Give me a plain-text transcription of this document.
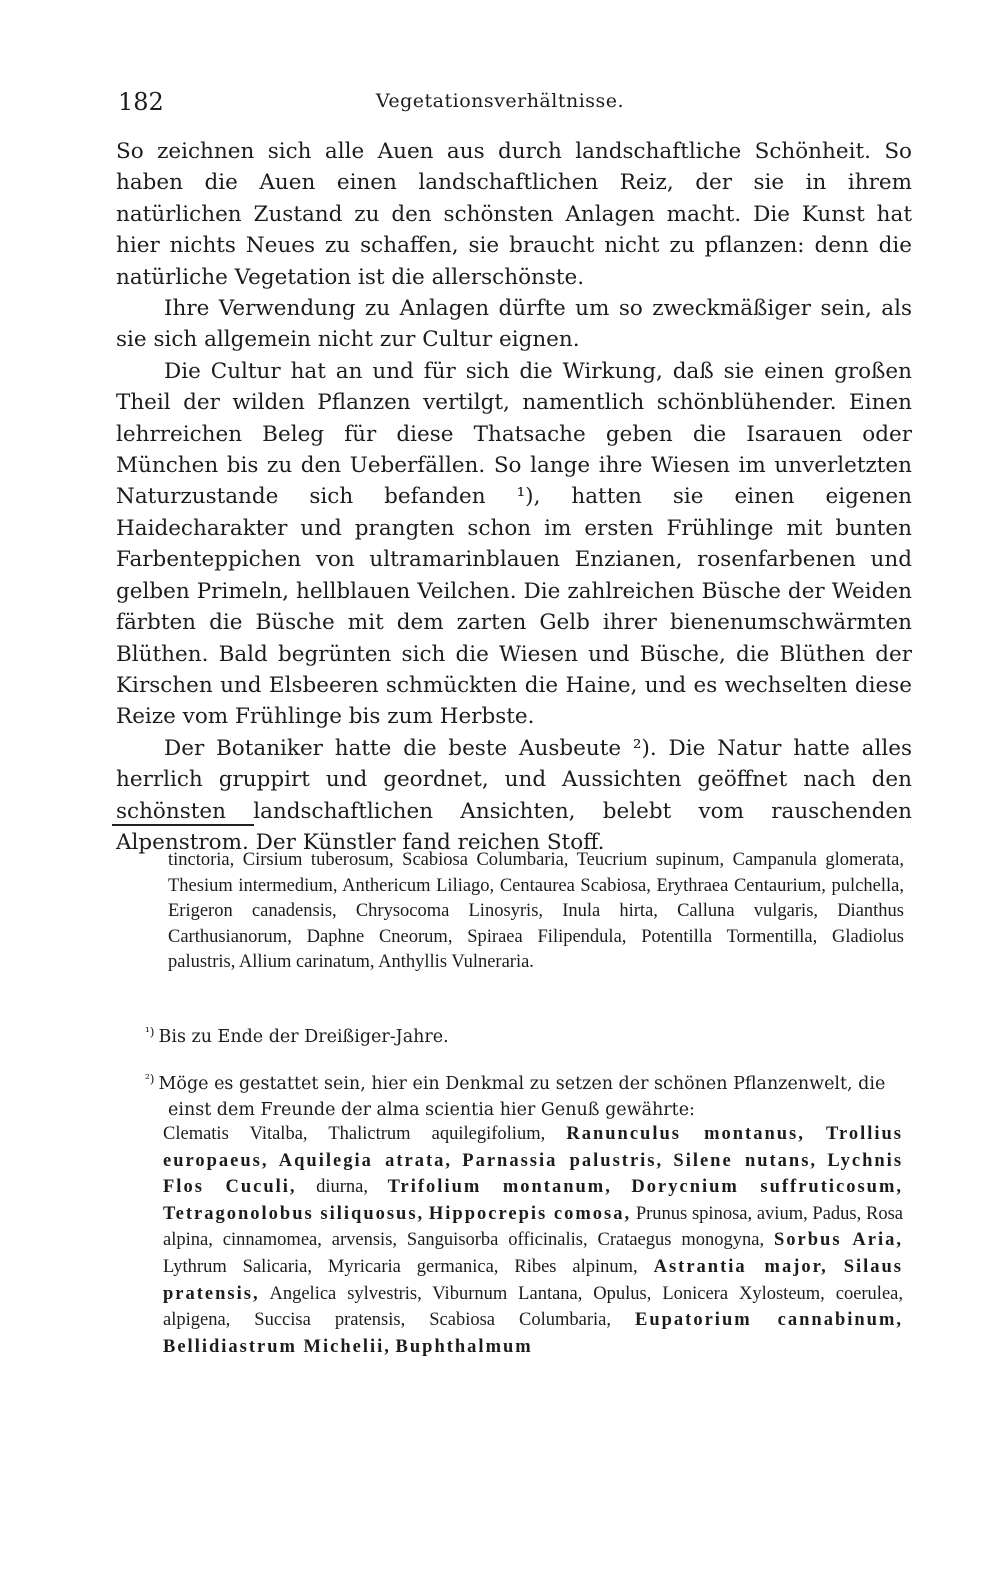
182	Vegetationsverhältnisse.

So zeichnen sich alle Auen aus durch landschaftliche Schönheit. So haben die Auen einen landschaftlichen Reiz, der sie in ihrem natürlichen Zustand zu den schönsten Anlagen macht. Die Kunst hat hier nichts Neues zu schaffen, sie braucht nicht zu pflanzen: denn die natürliche Vegetation ist die allerschönste.

Ihre Verwendung zu Anlagen dürfte um so zweckmäßiger sein, als sie sich allgemein nicht zur Cultur eignen.

Die Cultur hat an und für sich die Wirkung, daß sie einen großen Theil der wilden Pflanzen vertilgt, namentlich schönblühender. Einen lehrreichen Beleg für diese Thatsache geben die Isarauen oder München bis zu den Ueberfällen. So lange ihre Wiesen im unverletzten Naturzustande sich befanden ¹), hatten sie einen eigenen Haidecharakter und prangten schon im ersten Frühlinge mit bunten Farbenteppichen von ultramarinblauen Enzianen, rosenfarbenen und gelben Primeln, hellblauen Veilchen. Die zahlreichen Büsche der Weiden färbten die Büsche mit dem zarten Gelb ihrer bienenumschwärmten Blüthen. Bald begrünten sich die Wiesen und Büsche, die Blüthen der Kirschen und Elsbeeren schmückten die Haine, und es wechselten diese Reize vom Frühlinge bis zum Herbste.

Der Botaniker hatte die beste Ausbeute ²). Die Natur hatte alles herrlich gruppirt und geordnet, und Aussichten geöffnet nach den schönsten landschaftlichen Ansichten, belebt vom rauschenden Alpenstrom. Der Künstler fand reichen Stoff.

tinctoria, Cirsium tuberosum, Scabiosa Columbaria, Teucrium supinum, Campanula glomerata, Thesium intermedium, Anthericum Liliago, Centaurea Scabiosa, Erythraea Centaurium, pulchella, Erigeron canadensis, Chrysocoma Linosyris, Inula hirta, Calluna vulgaris, Dianthus Carthusianorum, Daphne Cneorum, Spiraea Filipendula, Potentilla Tormentilla, Gladiolus palustris, Allium carinatum, Anthyllis Vulneraria.

$^{^1)}$ Bis zu Ende der Dreißiger-Jahre.

$^{^2)}$ Möge es gestattet sein, hier ein Denkmal zu setzen der schönen Pflanzenwelt, die
einst dem Freunde der alma scientia hier Genuß gewährte:

Clematis Vitalba, Thalictrum aquilegifolium, Ranunculus montanus, Trollius europaeus, Aquilegia atrata, Parnassia palustris, Silene nutans, Lychnis Flos Cuculi, diurna, Trifolium montanum, Dorycnium suffruticosum, Tetragonolobus siliquosus, Hippocrepis comosa, Prunus spinosa, avium, Padus, Rosa alpina, cinnamomea, arvensis, Sanguisorba officinalis, Crataegus monogyna, Sorbus Aria, Lythrum Salicaria, Myricaria germanica, Ribes alpinum, Astrantia major, Silaus pratensis, Angelica sylvestris, Viburnum Lantana, Opulus, Lonicera Xylosteum, coerulea, alpigena, Succisa pratensis, Scabiosa Columbaria, Eupatorium cannabinum, Bellidiastrum Michelii, Buphthalmum
